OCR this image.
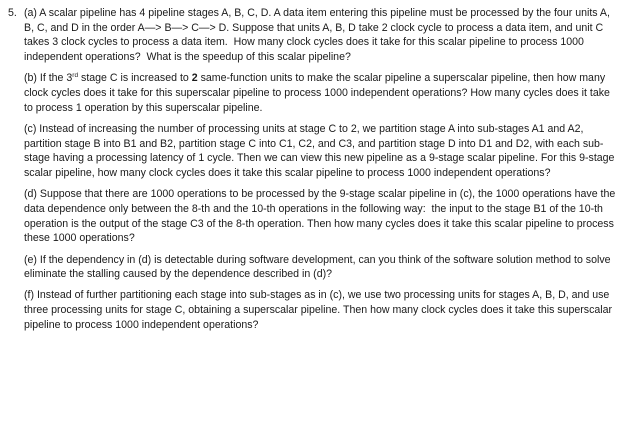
5. (a) A scalar pipeline has 4 pipeline stages A, B, C, D. A data item entering this pipeline must be processed by the four units A, B, C, and D in the order A—> B—> C—> D. Suppose that units A, B, D take 2 clock cycle to process a data item, and unit C takes 3 clock cycles to process a data item.  How many clock cycles does it take for this scalar pipeline to process 1000 independent operations?  What is the speedup of this scalar pipeline?

(b) If the 3rd stage C is increased to 2 same-function units to make the scalar pipeline a superscalar pipeline, then how many clock cycles does it take for this superscalar pipeline to process 1000 independent operations? How many cycles does it take to process 1 operation by this superscalar pipeline.

(c) Instead of increasing the number of processing units at stage C to 2, we partition stage A into sub-stages A1 and A2, partition stage B into B1 and B2, partition stage C into C1, C2, and C3, and partition stage D into D1 and D2, with each sub-stage having a processing latency of 1 cycle. Then we can view this new pipeline as a 9-stage scalar pipeline. For this 9-stage scalar pipeline, how many clock cycles does it take this scalar pipeline to process 1000 independent operations?

(d) Suppose that there are 1000 operations to be processed by the 9-stage scalar pipeline in (c), the 1000 operations have the data dependence only between the 8-th and the 10-th operations in the following way:  the input to the stage B1 of the 10-th operation is the output of the stage C3 of the 8-th operation. Then how many cycles does it take this scalar pipeline to process these 1000 operations?

(e) If the dependency in (d) is detectable during software development, can you think of the software solution method to solve eliminate the stalling caused by the dependence described in (d)?

(f) Instead of further partitioning each stage into sub-stages as in (c), we use two processing units for stages A, B, D, and use three processing units for stage C, obtaining a superscalar pipeline. Then how many clock cycles does it take this superscalar pipeline to process 1000 independent operations?
